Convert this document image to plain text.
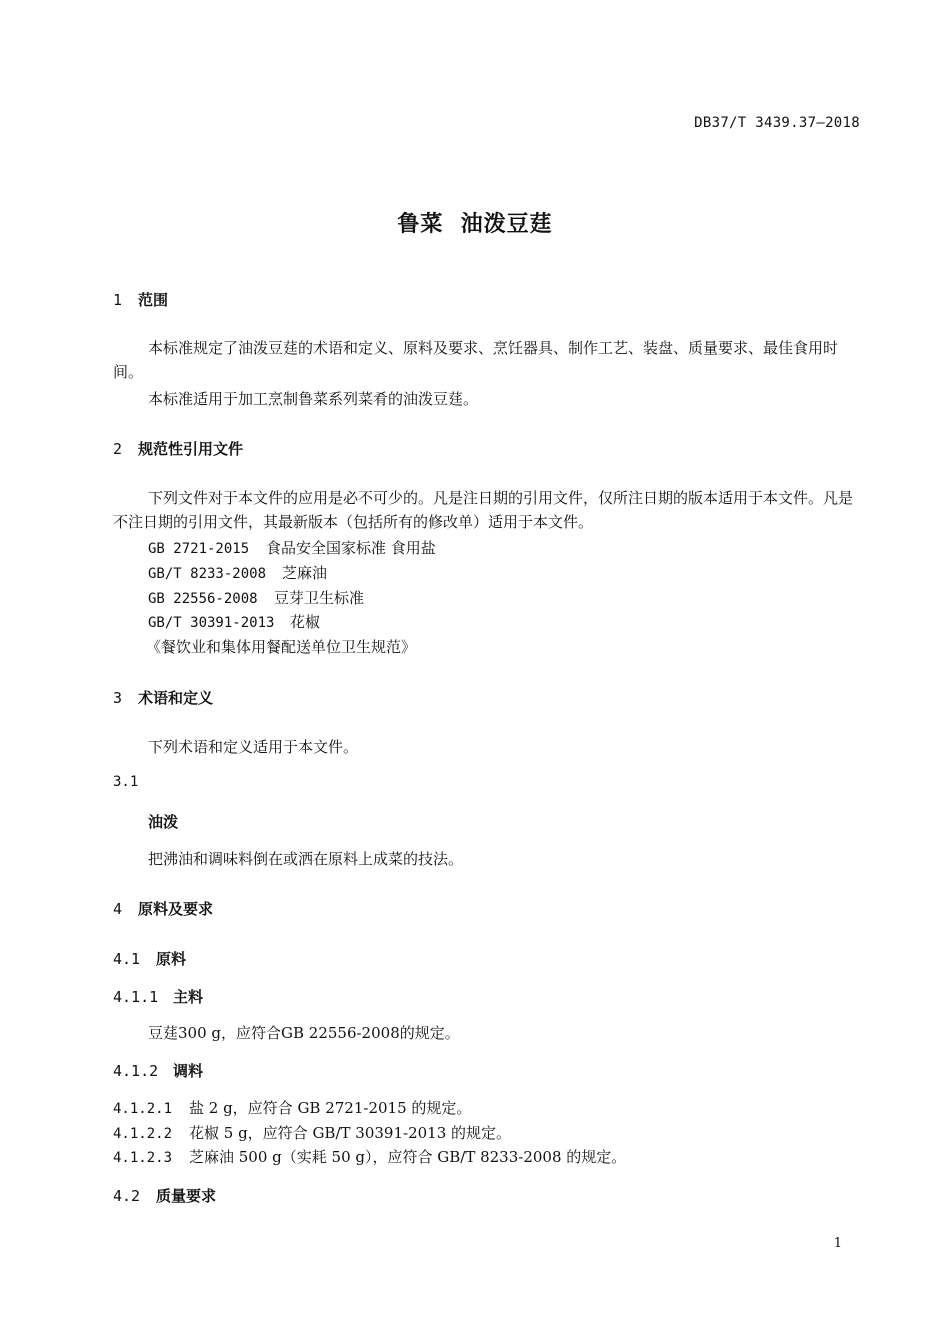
DB37/T 3439.37—2018
鲁菜  油泼豆莛
1 范围
本标准规定了油泼豆莛的术语和定义、原料及要求、烹饪器具、制作工艺、装盘、质量要求、最佳食用时间。
本标准适用于加工烹制鲁菜系列菜肴的油泼豆莛。
2 规范性引用文件
下列文件对于本文件的应用是必不可少的。凡是注日期的引用文件，仅所注日期的版本适用于本文件。凡是不注日期的引用文件，其最新版本（包括所有的修改单）适用于本文件。
GB 2721-2015 食品安全国家标准 食用盐
GB/T 8233-2008 芝麻油
GB 22556-2008 豆芽卫生标准
GB/T 30391-2013 花椒
《餐饮业和集体用餐配送单位卫生规范》
3 术语和定义
下列术语和定义适用于本文件。
3.1
油泼
把沸油和调味料倒在或洒在原料上成菜的技法。
4 原料及要求
4.1 原料
4.1.1 主料
豆莛300 g，应符合GB 22556-2008的规定。
4.1.2 调料
4.1.2.1 盐 2 g，应符合 GB 2721-2015 的规定。
4.1.2.2 花椒 5 g，应符合 GB/T 30391-2013 的规定。
4.1.2.3 芝麻油 500 g（实耗 50 g），应符合 GB/T 8233-2008 的规定。
4.2 质量要求
1
